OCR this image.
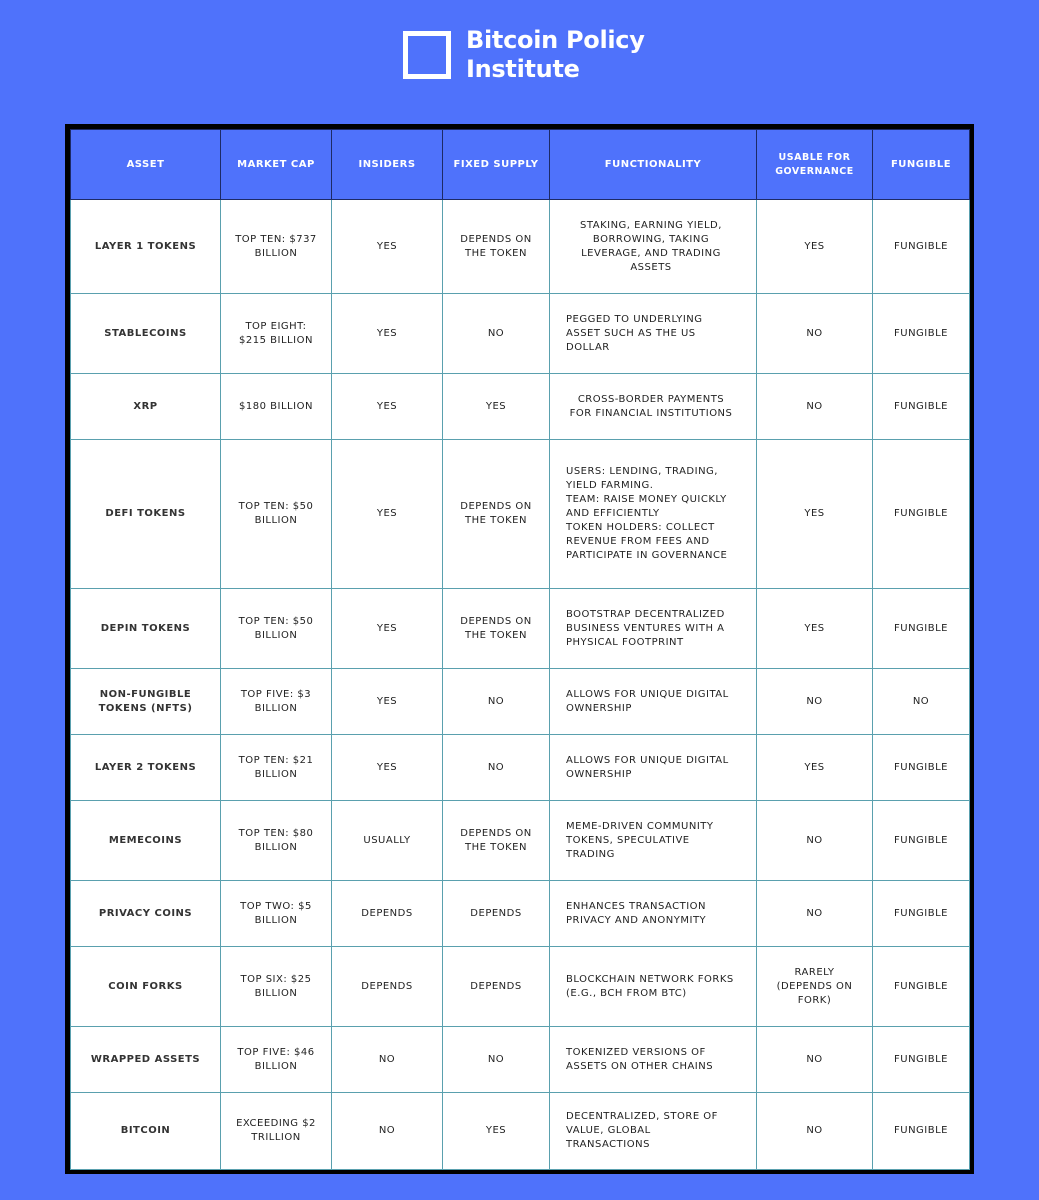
Bitcoin Policy
Institute
ASSET	MARKET CAP	INSIDERS	FIXED SUPPLY	FUNCTIONALITY	USABLE FOR GOVERNANCE	FUNGIBLE
LAYER 1 TOKENS	TOP TEN: $737 BILLION	YES	DEPENDS ON THE TOKEN	STAKING, EARNING YIELD, BORROWING, TAKING LEVERAGE, AND TRADING ASSETS	YES	FUNGIBLE
STABLECOINS	TOP EIGHT: $215 BILLION	YES	NO	PEGGED TO UNDERLYING ASSET SUCH AS THE US DOLLAR	NO	FUNGIBLE
XRP	$180 BILLION	YES	YES	CROSS-BORDER PAYMENTS FOR FINANCIAL INSTITUTIONS	NO	FUNGIBLE
DEFI TOKENS	TOP TEN: $50 BILLION	YES	DEPENDS ON THE TOKEN	USERS: LENDING, TRADING, YIELD FARMING.
TEAM: RAISE MONEY QUICKLY AND EFFICIENTLY
TOKEN HOLDERS: COLLECT REVENUE FROM FEES AND PARTICIPATE IN GOVERNANCE	YES	FUNGIBLE
DEPIN TOKENS	TOP TEN: $50 BILLION	YES	DEPENDS ON THE TOKEN	BOOTSTRAP DECENTRALIZED BUSINESS VENTURES WITH A PHYSICAL FOOTPRINT	YES	FUNGIBLE
NON-FUNGIBLE TOKENS (NFTS)	TOP FIVE: $3 BILLION	YES	NO	ALLOWS FOR UNIQUE DIGITAL OWNERSHIP	NO	NO
LAYER 2 TOKENS	TOP TEN: $21 BILLION	YES	NO	ALLOWS FOR UNIQUE DIGITAL OWNERSHIP	YES	FUNGIBLE
MEMECOINS	TOP TEN: $80 BILLION	USUALLY	DEPENDS ON THE TOKEN	MEME-DRIVEN COMMUNITY TOKENS, SPECULATIVE TRADING	NO	FUNGIBLE
PRIVACY COINS	TOP TWO: $5 BILLION	DEPENDS	DEPENDS	ENHANCES TRANSACTION PRIVACY AND ANONYMITY	NO	FUNGIBLE
COIN FORKS	TOP SIX: $25 BILLION	DEPENDS	DEPENDS	BLOCKCHAIN NETWORK FORKS (E.G., BCH FROM BTC)	RARELY (DEPENDS ON FORK)	FUNGIBLE
WRAPPED ASSETS	TOP FIVE: $46 BILLION	NO	NO	TOKENIZED VERSIONS OF ASSETS ON OTHER CHAINS	NO	FUNGIBLE
BITCOIN	EXCEEDING $2 TRILLION	NO	YES	DECENTRALIZED, STORE OF VALUE, GLOBAL TRANSACTIONS	NO	FUNGIBLE
